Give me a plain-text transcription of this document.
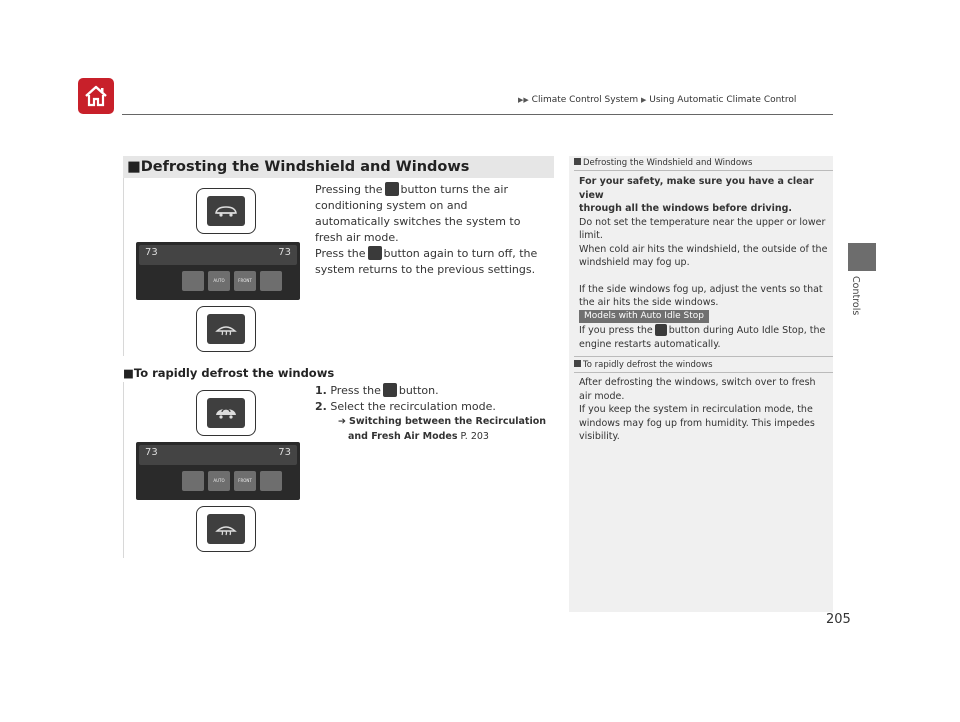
▶▶ Climate Control System ▶ Using Automatic Climate Control
Controls
■Defrosting the Windshield and Windows
73	73
AUTO	FRONT
Pressing the button turns the air conditioning system on and automatically switches the system to fresh air mode.
Press the button again to turn off, the system returns to the previous settings.
■To rapidly defrost the windows
73	73
AUTO	FRONT
1. Press the button.
2. Select the recirculation mode.
➔ Switching between the Recirculation
and Fresh Air Modes P. 203
Defrosting the Windshield and Windows
For your safety, make sure you have a clear view
through all the windows before driving.
Do not set the temperature near the upper or lower limit.
When cold air hits the windshield, the outside of the windshield may fog up.
If the side windows fog up, adjust the vents so that the air hits the side windows.
Models with Auto Idle Stop
If you press the button during Auto Idle Stop, the engine restarts automatically.
To rapidly defrost the windows
After defrosting the windows, switch over to fresh air mode.
If you keep the system in recirculation mode, the windows may fog up from humidity. This impedes visibility.
205
